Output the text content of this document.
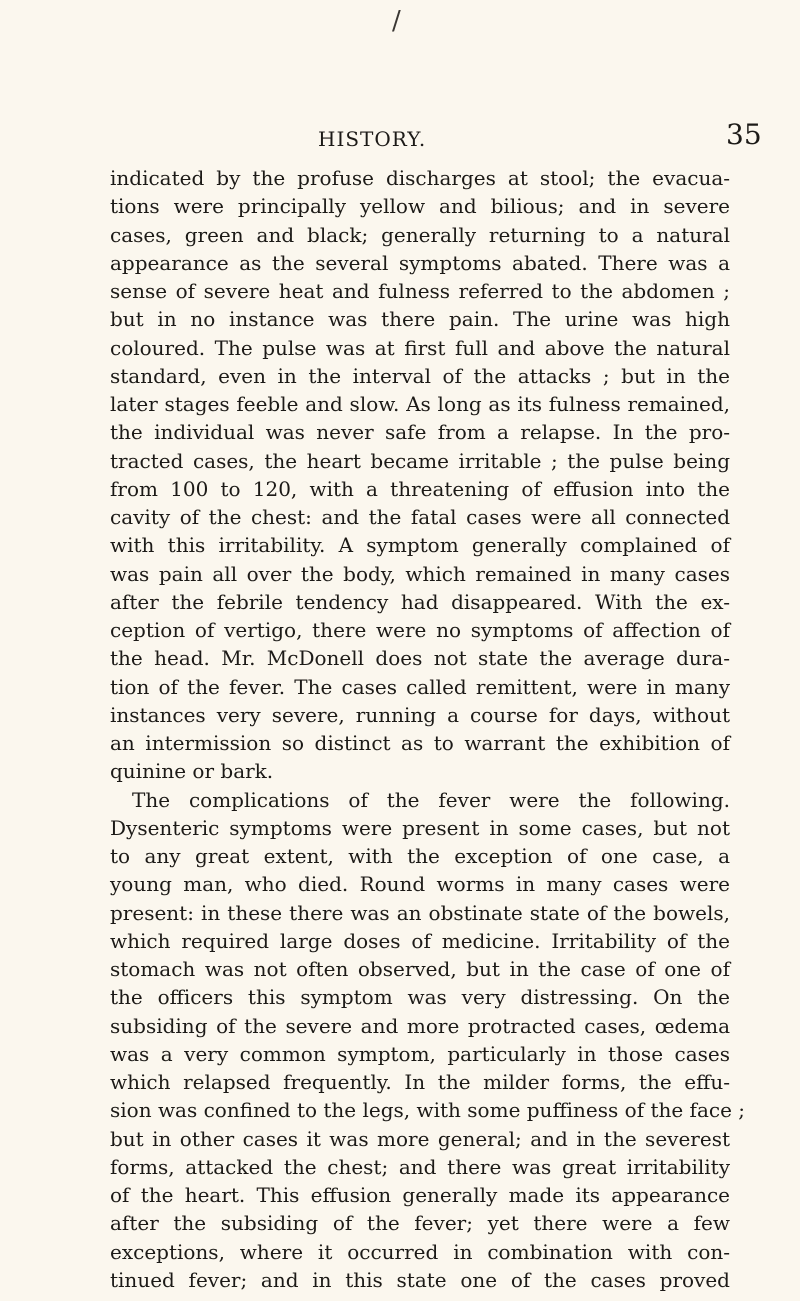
/
HISTORY.	35
indicated by the profuse discharges at stool; the evacua-
tions were principally yellow and bilious; and in severe
cases, green and black; generally returning to a natural
appearance as the several symptoms abated. There was a
sense of severe heat and fulness referred to the abdomen ;
but in no instance was there pain. The urine was high
coloured. The pulse was at first full and above the natural
standard, even in the interval of the attacks ; but in the
later stages feeble and slow. As long as its fulness remained,
the individual was never safe from a relapse. In the pro-
tracted cases, the heart became irritable ; the pulse being
from 100 to 120, with a threatening of effusion into the
cavity of the chest: and the fatal cases were all connected
with this irritability. A symptom generally complained of
was pain all over the body, which remained in many cases
after the febrile tendency had disappeared. With the ex-
ception of vertigo, there were no symptoms of affection of
the head. Mr. McDonell does not state the average dura-
tion of the fever. The cases called remittent, were in many
instances very severe, running a course for days, without
an intermission so distinct as to warrant the exhibition of
quinine or bark.
The complications of the fever were the following.
Dysenteric symptoms were present in some cases, but not
to any great extent, with the exception of one case, a
young man, who died. Round worms in many cases were
present: in these there was an obstinate state of the bowels,
which required large doses of medicine. Irritability of the
stomach was not often observed, but in the case of one of
the officers this symptom was very distressing. On the
subsiding of the severe and more protracted cases, œdema
was a very common symptom, particularly in those cases
which relapsed frequently. In the milder forms, the effu-
sion was confined to the legs, with some puffiness of the face ;
but in other cases it was more general; and in the severest
forms, attacked the chest; and there was great irritability
of the heart. This effusion generally made its appearance
after the subsiding of the fever; yet there were a few
exceptions, where it occurred in combination with con-
tinued fever; and in this state one of the cases proved
